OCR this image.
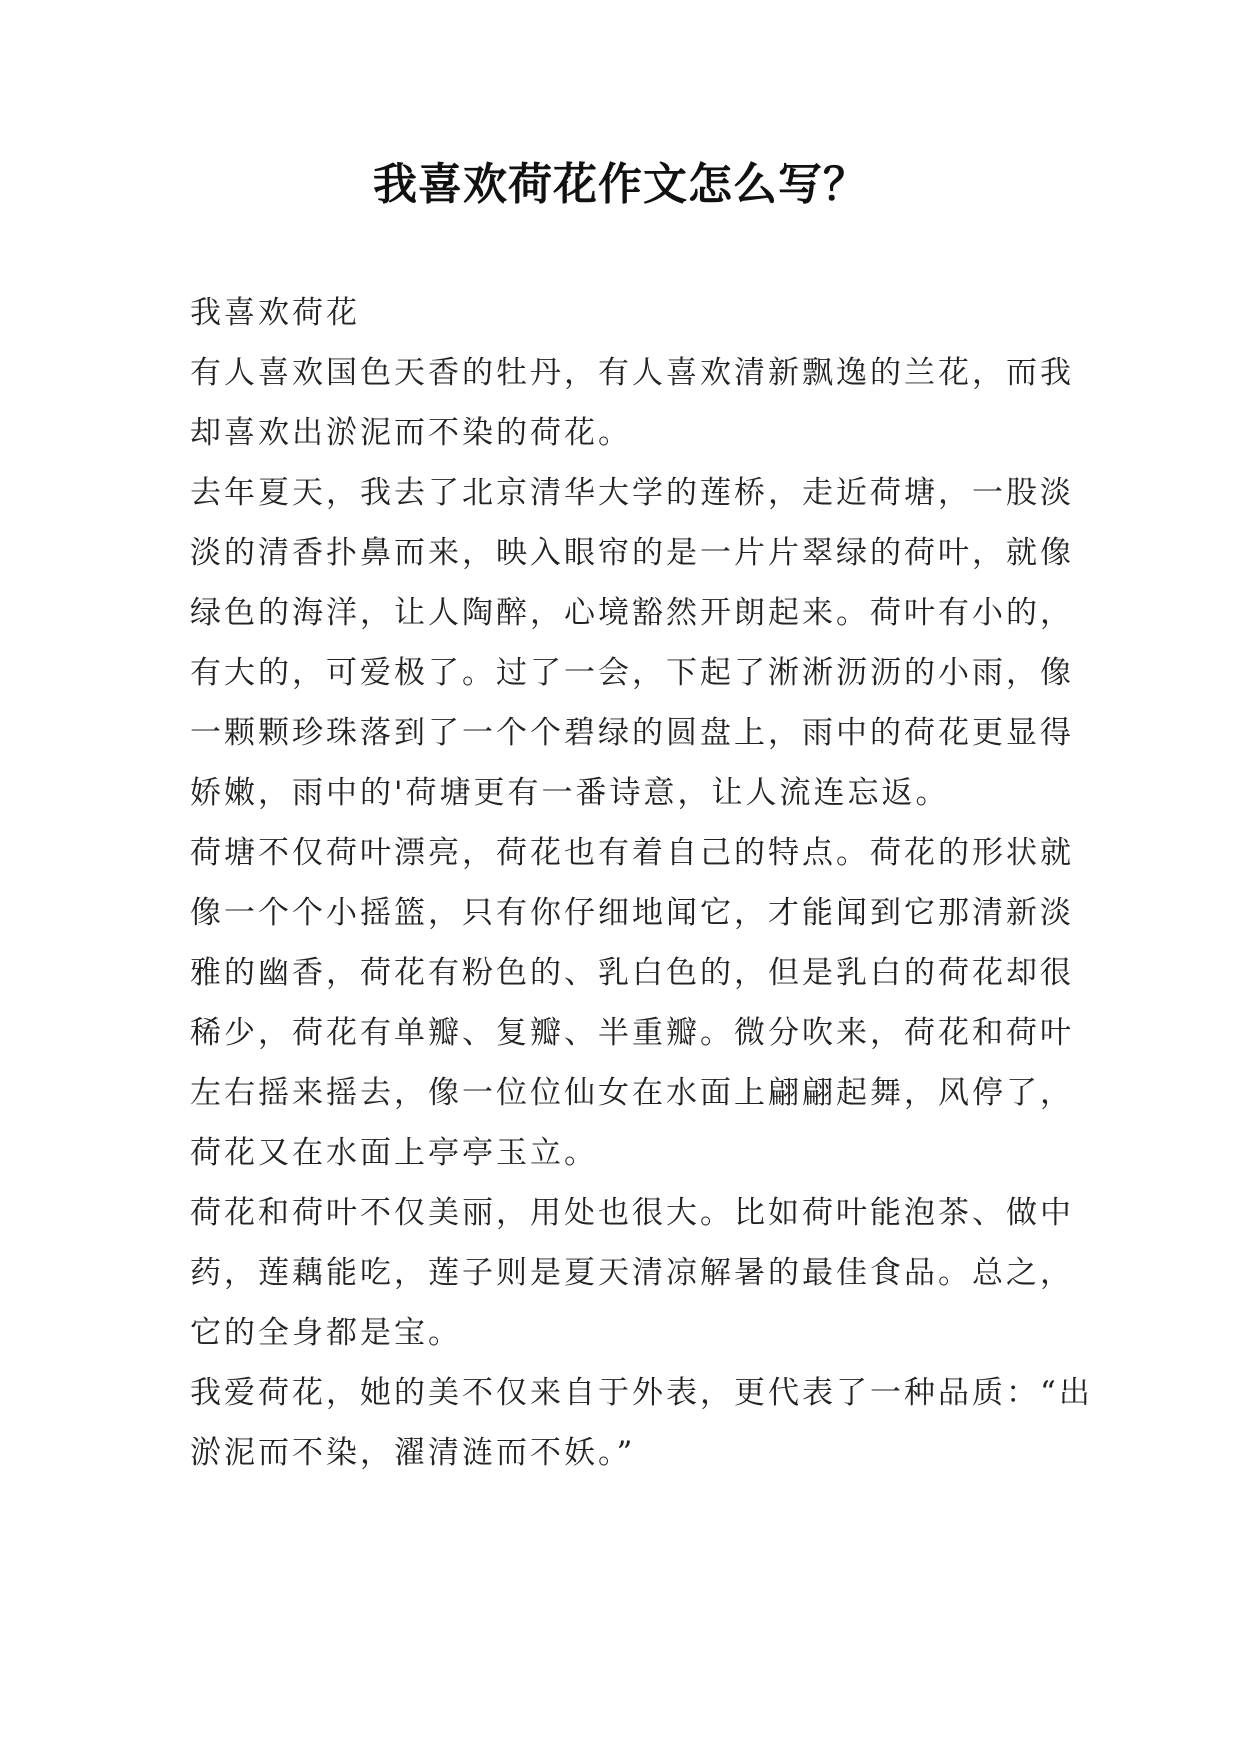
我喜欢荷花作文怎么写？
我喜欢荷花
有人喜欢国色天香的牡丹，有人喜欢清新飘逸的兰花，而我
却喜欢出淤泥而不染的荷花。
去年夏天，我去了北京清华大学的莲桥，走近荷塘，一股淡
淡的清香扑鼻而来，映入眼帘的是一片片翠绿的荷叶，就像
绿色的海洋，让人陶醉，心境豁然开朗起来。荷叶有小的，
有大的，可爱极了。过了一会，下起了淅淅沥沥的小雨，像
一颗颗珍珠落到了一个个碧绿的圆盘上，雨中的荷花更显得
娇嫩，雨中的'荷塘更有一番诗意，让人流连忘返。
荷塘不仅荷叶漂亮，荷花也有着自己的特点。荷花的形状就
像一个个小摇篮，只有你仔细地闻它，才能闻到它那清新淡
雅的幽香，荷花有粉色的、乳白色的，但是乳白的荷花却很
稀少，荷花有单瓣、复瓣、半重瓣。微分吹来，荷花和荷叶
左右摇来摇去，像一位位仙女在水面上翩翩起舞，风停了，
荷花又在水面上亭亭玉立。
荷花和荷叶不仅美丽，用处也很大。比如荷叶能泡茶、做中
药，莲藕能吃，莲子则是夏天清凉解暑的最佳食品。总之，
它的全身都是宝。
我爱荷花，她的美不仅来自于外表，更代表了一种品质：“出
淤泥而不染，濯清涟而不妖。”
